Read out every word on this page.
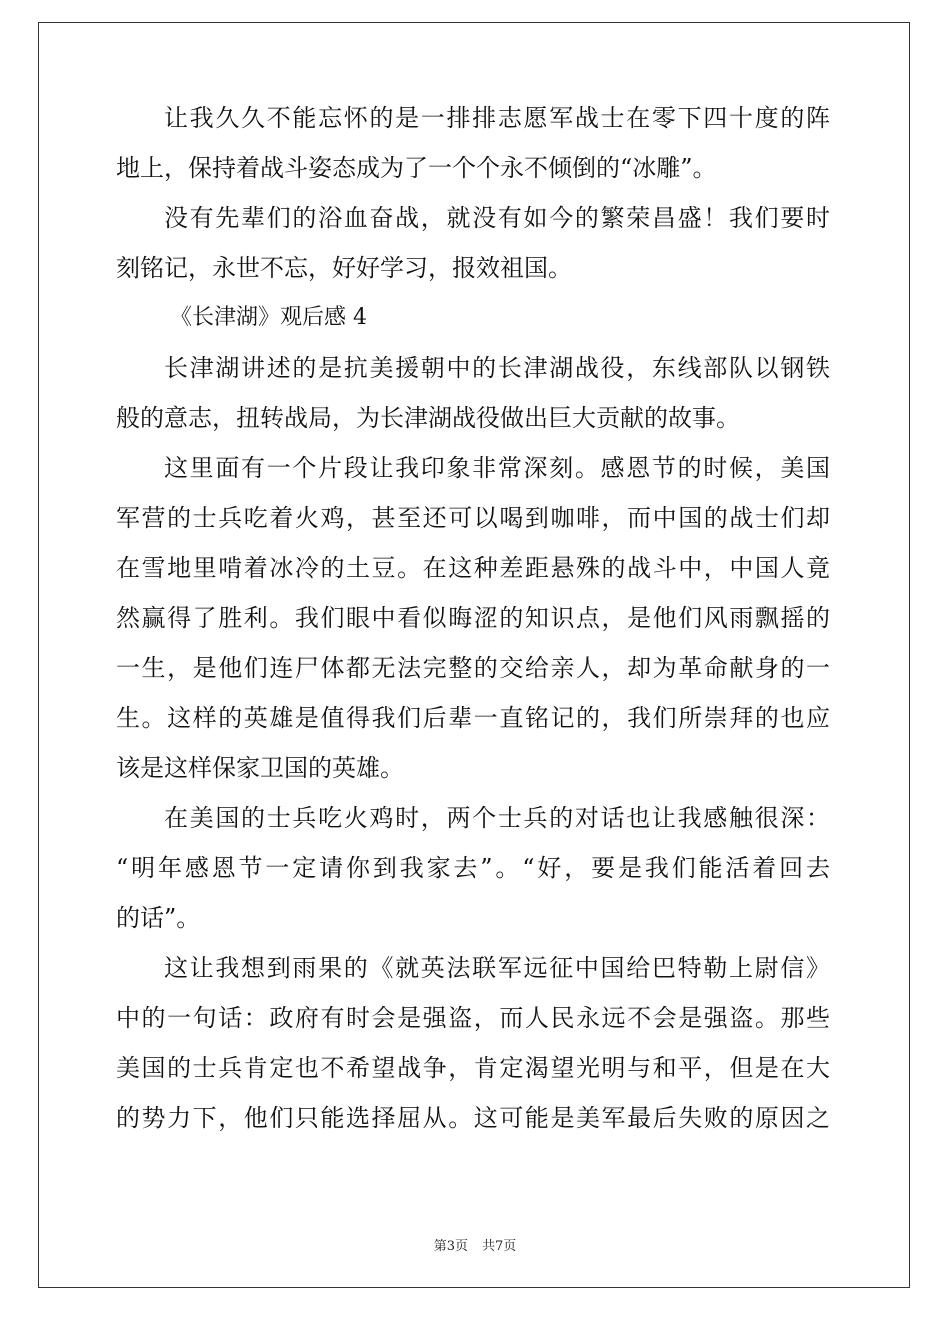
让我久久不能忘怀的是一排排志愿军战士在零下四十度的阵
地上，保持着战斗姿态成为了一个个永不倾倒的“冰雕”。
没有先辈们的浴血奋战，就没有如今的繁荣昌盛！我们要时
刻铭记，永世不忘，好好学习，报效祖国。
《长津湖》观后感 4
长津湖讲述的是抗美援朝中的长津湖战役，东线部队以钢铁
般的意志，扭转战局，为长津湖战役做出巨大贡献的故事。
这里面有一个片段让我印象非常深刻。感恩节的时候，美国
军营的士兵吃着火鸡，甚至还可以喝到咖啡，而中国的战士们却
在雪地里啃着冰冷的土豆。在这种差距悬殊的战斗中，中国人竟
然赢得了胜利。我们眼中看似晦涩的知识点，是他们风雨飘摇的
一生，是他们连尸体都无法完整的交给亲人，却为革命献身的一
生。这样的英雄是值得我们后辈一直铭记的，我们所崇拜的也应
该是这样保家卫国的英雄。
在美国的士兵吃火鸡时，两个士兵的对话也让我感触很深：
“明年感恩节一定请你到我家去”。“好，要是我们能活着回去
的话”。
这让我想到雨果的《就英法联军远征中国给巴特勒上尉信》
中的一句话：政府有时会是强盗，而人民永远不会是强盗。那些
美国的士兵肯定也不希望战争，肯定渴望光明与和平，但是在大
的势力下，他们只能选择屈从。这可能是美军最后失败的原因之
第3页 共7页
